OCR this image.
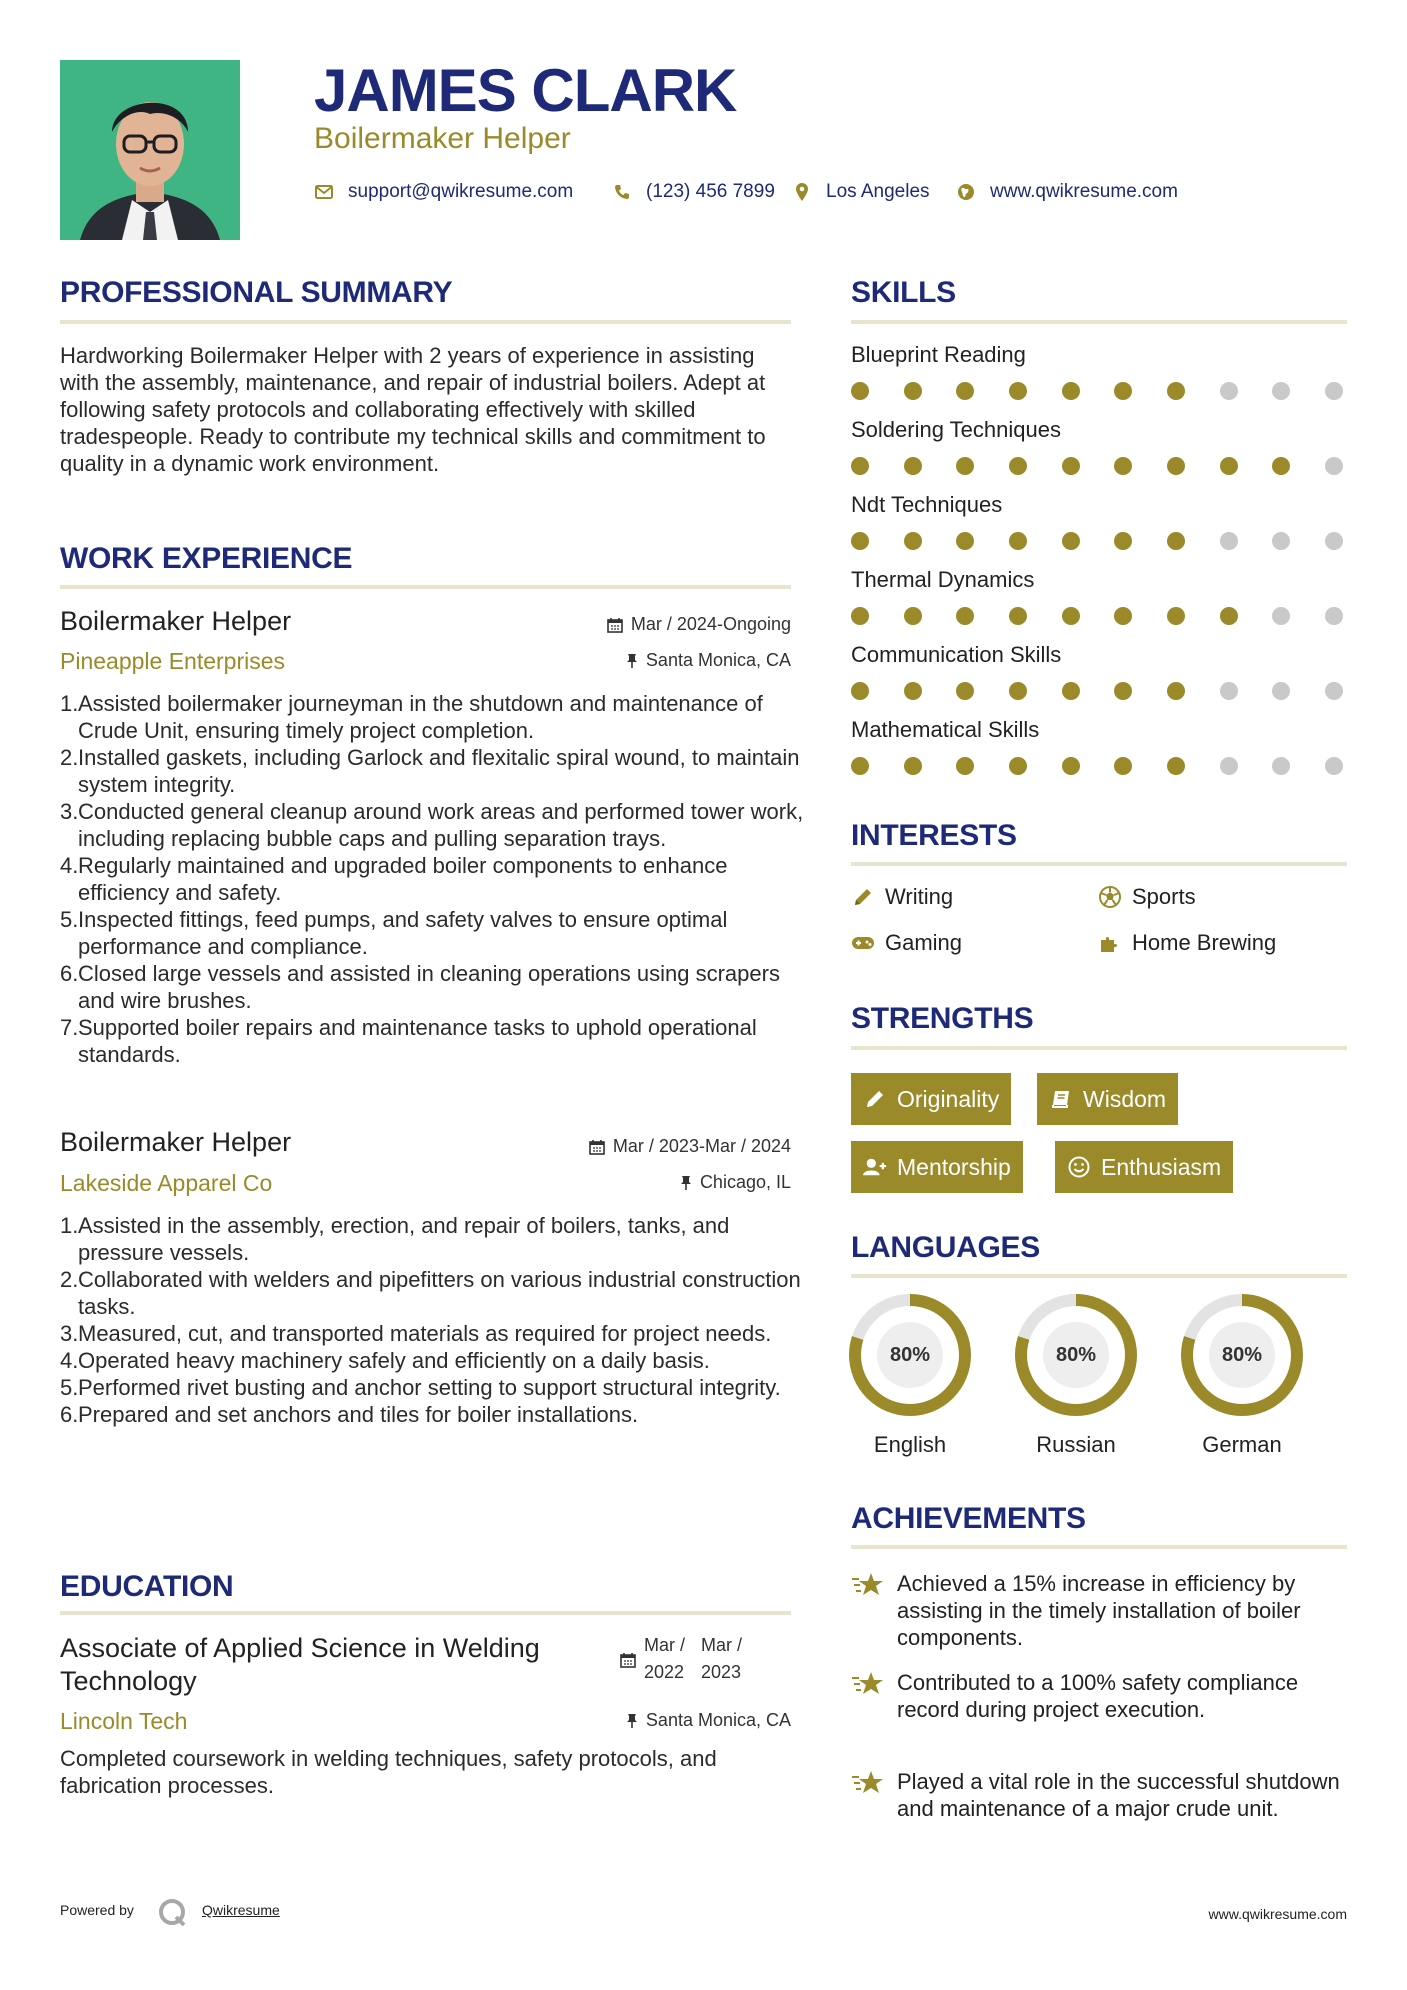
JAMES CLARK
Boilermaker Helper
support@qwikresume.com	(123) 456 7899	Los Angeles	www.qwikresume.com
PROFESSIONAL SUMMARY
Hardworking Boilermaker Helper with 2 years of experience in assisting with the assembly, maintenance, and repair of industrial boilers. Adept at following safety protocols and collaborating effectively with skilled tradespeople. Ready to contribute my technical skills and commitment to quality in a dynamic work environment.
WORK EXPERIENCE
Boilermaker Helper	Mar / 2024-Ongoing
Pineapple Enterprises	Santa Monica, CA
Assisted boilermaker journeyman in the shutdown and maintenance of Crude Unit, ensuring timely project completion.
Installed gaskets, including Garlock and flexitalic spiral wound, to maintain system integrity.
Conducted general cleanup around work areas and performed tower work, including replacing bubble caps and pulling separation trays.
Regularly maintained and upgraded boiler components to enhance efficiency and safety.
Inspected fittings, feed pumps, and safety valves to ensure optimal performance and compliance.
Closed large vessels and assisted in cleaning operations using scrapers and wire brushes.
Supported boiler repairs and maintenance tasks to uphold operational standards.
Boilermaker Helper	Mar / 2023-Mar / 2024
Lakeside Apparel Co	Chicago, IL
Assisted in the assembly, erection, and repair of boilers, tanks, and pressure vessels.
Collaborated with welders and pipefitters on various industrial construction tasks.
Measured, cut, and transported materials as required for project needs.
Operated heavy machinery safely and efficiently on a daily basis.
Performed rivet busting and anchor setting to support structural integrity.
Prepared and set anchors and tiles for boiler installations.
EDUCATION
Associate of Applied Science in Welding Technology
Mar /
2022
Mar /
2023
Lincoln Tech	Santa Monica, CA
Completed coursework in welding techniques, safety protocols, and fabrication processes.
SKILLS
Blueprint Reading
Soldering Techniques
Ndt Techniques
Thermal Dynamics
Communication Skills
Mathematical Skills
INTERESTS
Writing	Sports
Gaming	Home Brewing
STRENGTHS
Originality	Wisdom
Mentorship	Enthusiasm
LANGUAGES
80%
English
80%
Russian
80%
German
ACHIEVEMENTS
Achieved a 15% increase in efficiency by assisting in the timely installation of boiler components.
Contributed to a 100% safety compliance record during project execution.
Played a vital role in the successful shutdown and maintenance of a major crude unit.
Powered by	Qwikresume	www.qwikresume.com
